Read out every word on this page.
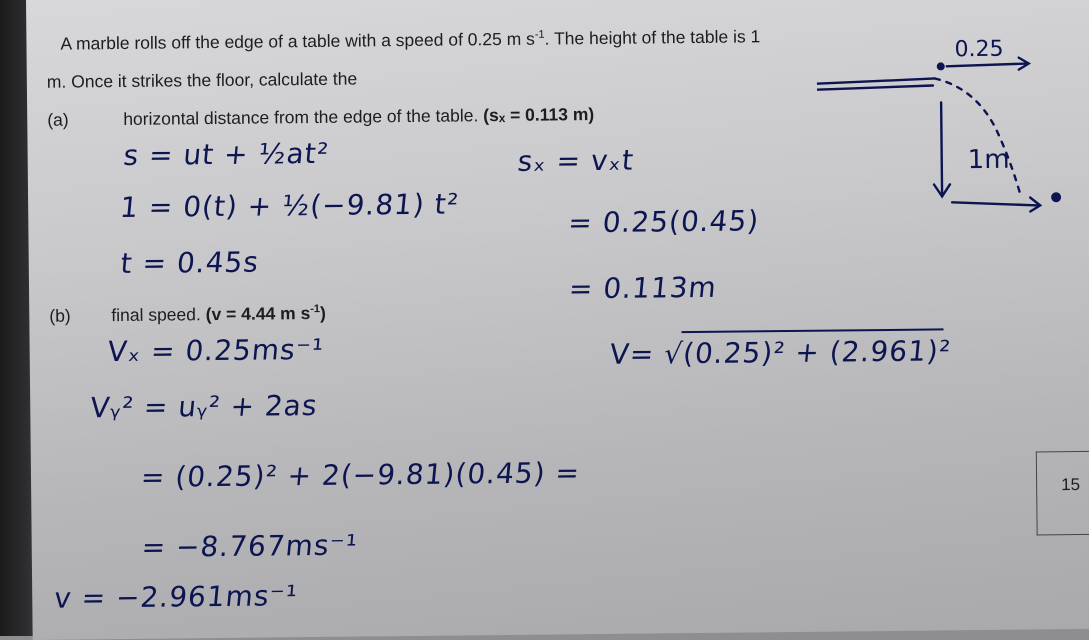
A marble rolls off the edge of a table with a speed of 0.25 m $s^{-1}$. The height of the table is 1
m. Once it strikes the floor, calculate the
(a)	horizontal distance from the edge of the table. (sₓ = 0.113 m)
(b) final speed. (v = 4.44 m $s^{-1}$)
s = ut + ½at²
1 = 0(t) + ½(−9.81) t²
t = 0.45s
sₓ = vₓt
= 0.25(0.45)
= 0.113m
Vₓ = 0.25ms⁻¹
Vᵧ² = uᵧ² + 2as
= (0.25)² + 2(−9.81)(0.45) =
= −8.767ms⁻¹
v = −2.961ms⁻¹
V= √(0.25)² + (2.961)²
15
0.25
1m
